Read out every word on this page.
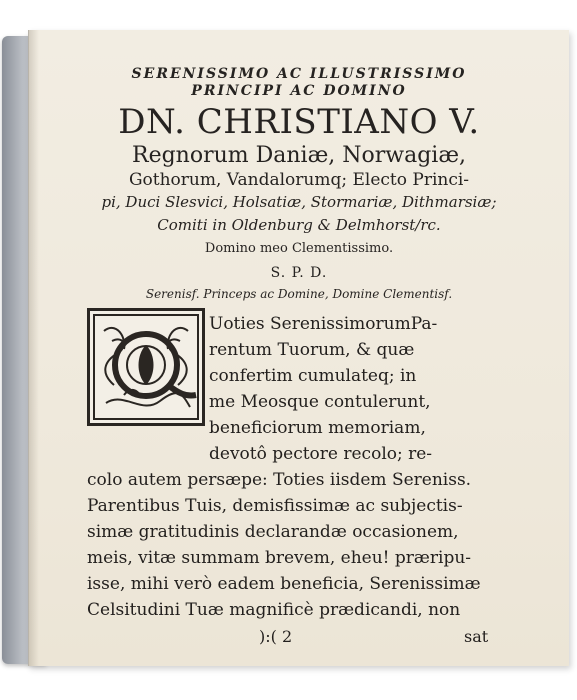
SERENISSIMO AC ILLUSTRISSIMO
PRINCIPI AC DOMINO
DN. CHRISTIANO V.
Regnorum Daniæ, Norwagiæ,
Gothorum, Vandalorumq; Electo Princi-
pi, Duci Slesvici, Holsatiæ, Stormariæ, Dithmarsiæ;
Comiti in Oldenburg & Delmhorst/rc.
Domino meo Clementissimo.
S. P. D.
Serenisf. Princeps ac Domine, Domine Clementisf.
Uoties SerenissimorumPa-
rentum Tuorum, & quæ
confertim cumulateq; in
me Meosque contulerunt,
beneficiorum memoriam,
devotô pectore recolo; re-
colo autem persæpe: Toties iisdem Sereniss.
Parentibus Tuis, demisfissimæ ac subjectis-
simæ gratitudinis declarandæ occasionem,
meis, vitæ summam brevem, eheu! præripu-
isse, mihi verò eadem beneficia, Serenissimæ
Celsitudini Tuæ magnificè prædicandi, non
):( 2	sat
